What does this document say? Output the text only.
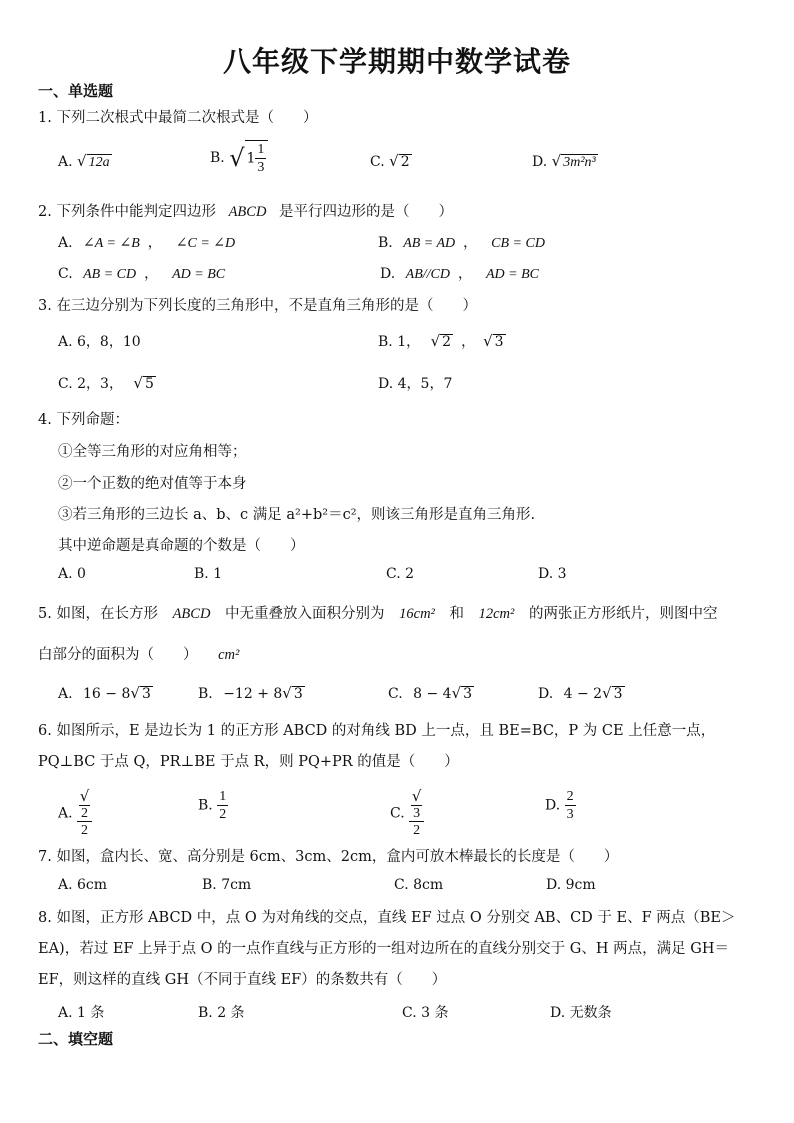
八年级下学期期中数学试卷
一、单选题
1. 下列二次根式中最简二次根式是（　　）
A. √ 12a	B. √ $1 \frac{1}{3}$	C. √ 2	D. √ 3m²n³
2. 下列条件中能判定四边形 ABCD 是平行四边形的是（　　）
A. ∠A = ∠B ， ∠C = ∠D	B. AB = AD ， CB = CD
C. AB = CD ， AD = BC	D. AB//CD ， AD = BC
3. 在三边分别为下列长度的三角形中，不是直角三角形的是（　　）
A. 6，8，10	B. 1， √ 2 ， √ 3
C. 2，3， √ 5	D. 4，5，7
4. 下列命题：
①全等三角形的对应角相等；
②一个正数的绝对值等于本身
③若三角形的三边长 a、b、c 满足 a²+b²＝c²，则该三角形是直角三角形.
其中逆命题是真命题的个数是（　　）
A. 0	B. 1	C. 2	D. 3
5. 如图，在长方形 ABCD 中无重叠放入面积分别为 16cm² 和 12cm² 的两张正方形纸片，则图中空
白部分的面积为（　　） cm²
A. 16 − 8√ 3	B. −12 + 8√ 3	C. 8 − 4√ 3	D. 4 − 2√ 3
6. 如图所示，E 是边长为 1 的正方形 ABCD 的对角线 BD 上一点，且 BE=BC，P 为 CE 上任意一点，PQ⊥BC 于点 Q，PR⊥BE 于点 R，则 PQ+PR 的值是（　　）
A. √
2
2	B. $\frac{1}{2}$	C. √
3
2	D. $\frac{2}{3}$
7. 如图，盒内长、宽、高分别是 6cm、3cm、2cm，盒内可放木棒最长的长度是（　　）
A. 6cm	B. 7cm	C. 8cm	D. 9cm
8. 如图，正方形 ABCD 中，点 O 为对角线的交点，直线 EF 过点 O 分别交 AB、CD 于 E、F 两点（BE＞EA)，若过 EF 上异于点 O 的一点作直线与正方形的一组对边所在的直线分别交于 G、H 两点，满足 GH＝EF，则这样的直线 GH（不同于直线 EF）的条数共有（　　）
A. 1 条	B. 2 条	C. 3 条	D. 无数条
二、填空题
